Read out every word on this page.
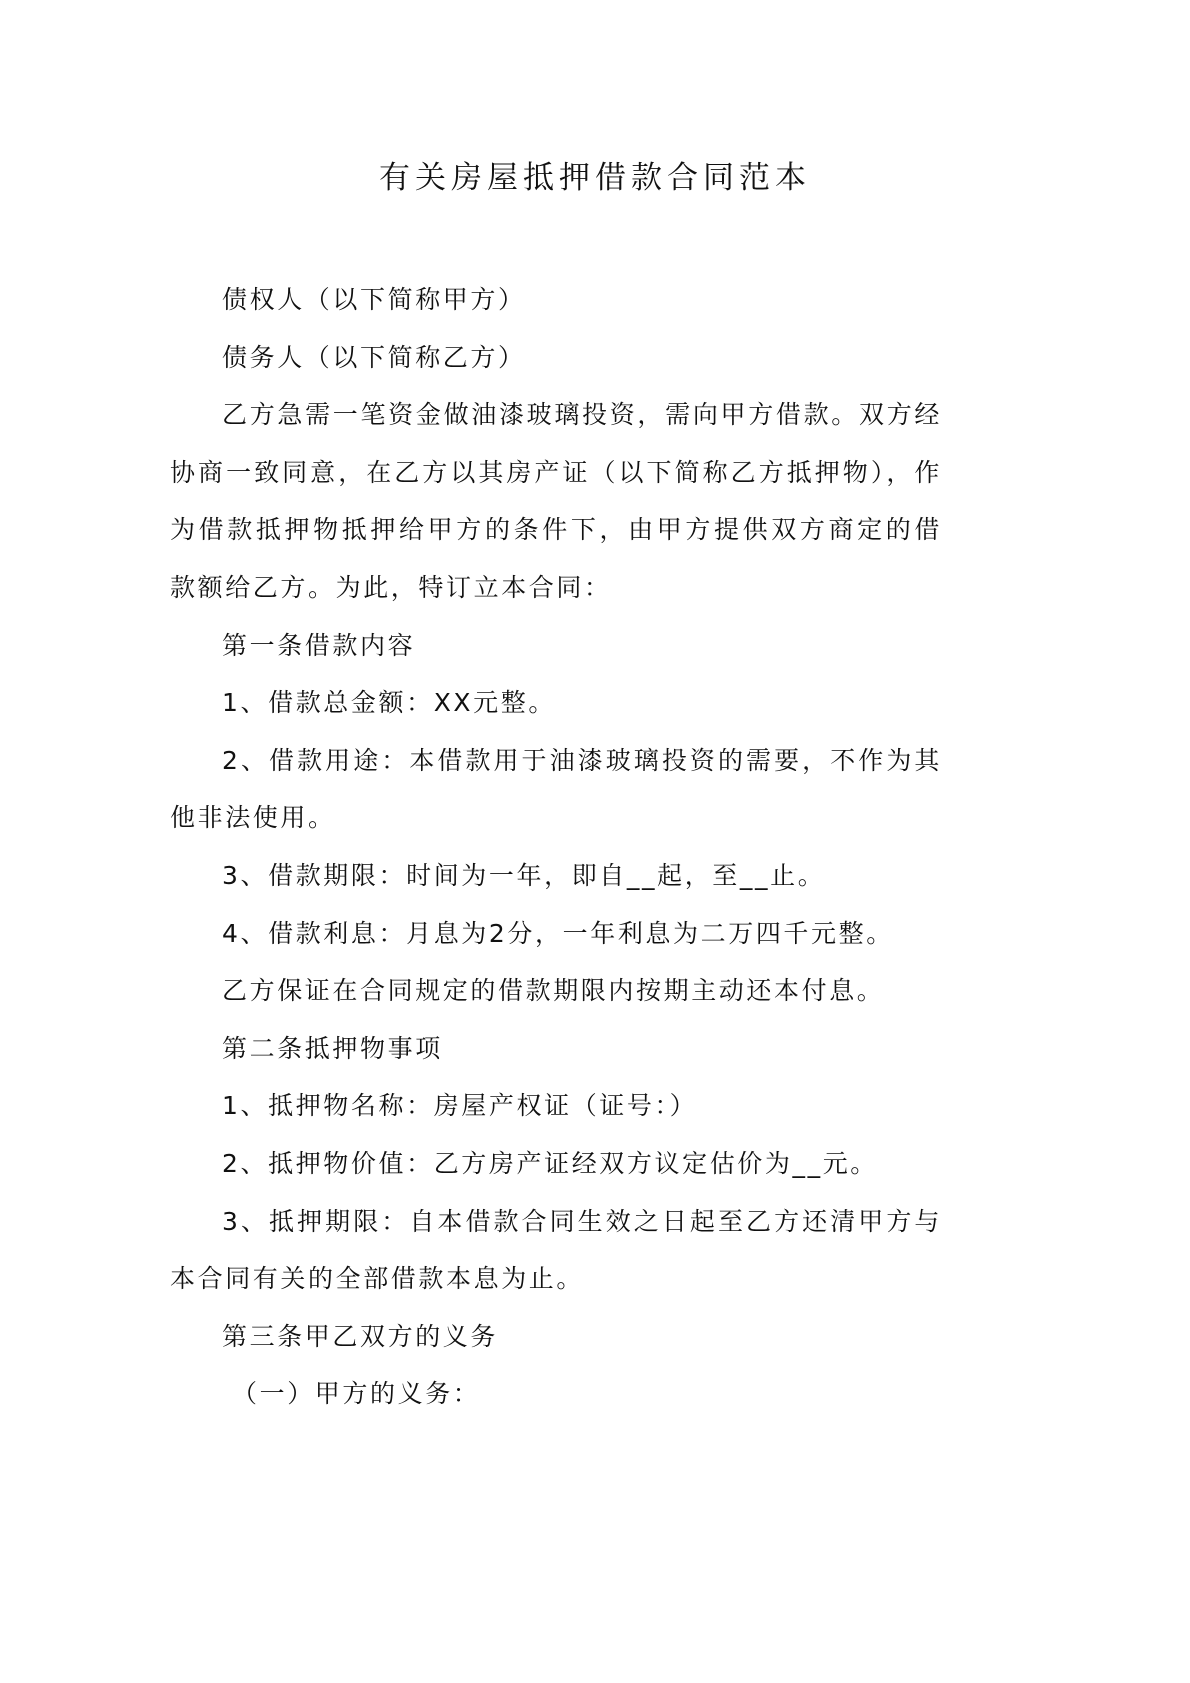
有关房屋抵押借款合同范本

债权人（以下简称甲方）

债务人（以下简称乙方）

乙方急需一笔资金做油漆玻璃投资，需向甲方借款。双方经协商一致同意，在乙方以其房产证（以下简称乙方抵押物），作为借款抵押物抵押给甲方的条件下，由甲方提供双方商定的借款额给乙方。为此，特订立本合同：

第一条借款内容

1、借款总金额：XX元整。

2、借款用途：本借款用于油漆玻璃投资的需要，不作为其他非法使用。

3、借款期限：时间为一年，即自__起，至__止。

4、借款利息：月息为2分，一年利息为二万四千元整。

乙方保证在合同规定的借款期限内按期主动还本付息。

第二条抵押物事项

1、抵押物名称：房屋产权证（证号：）

2、抵押物价值：乙方房产证经双方议定估价为__元。

3、抵押期限：自本借款合同生效之日起至乙方还清甲方与本合同有关的全部借款本息为止。

第三条甲乙双方的义务

（一）甲方的义务：
